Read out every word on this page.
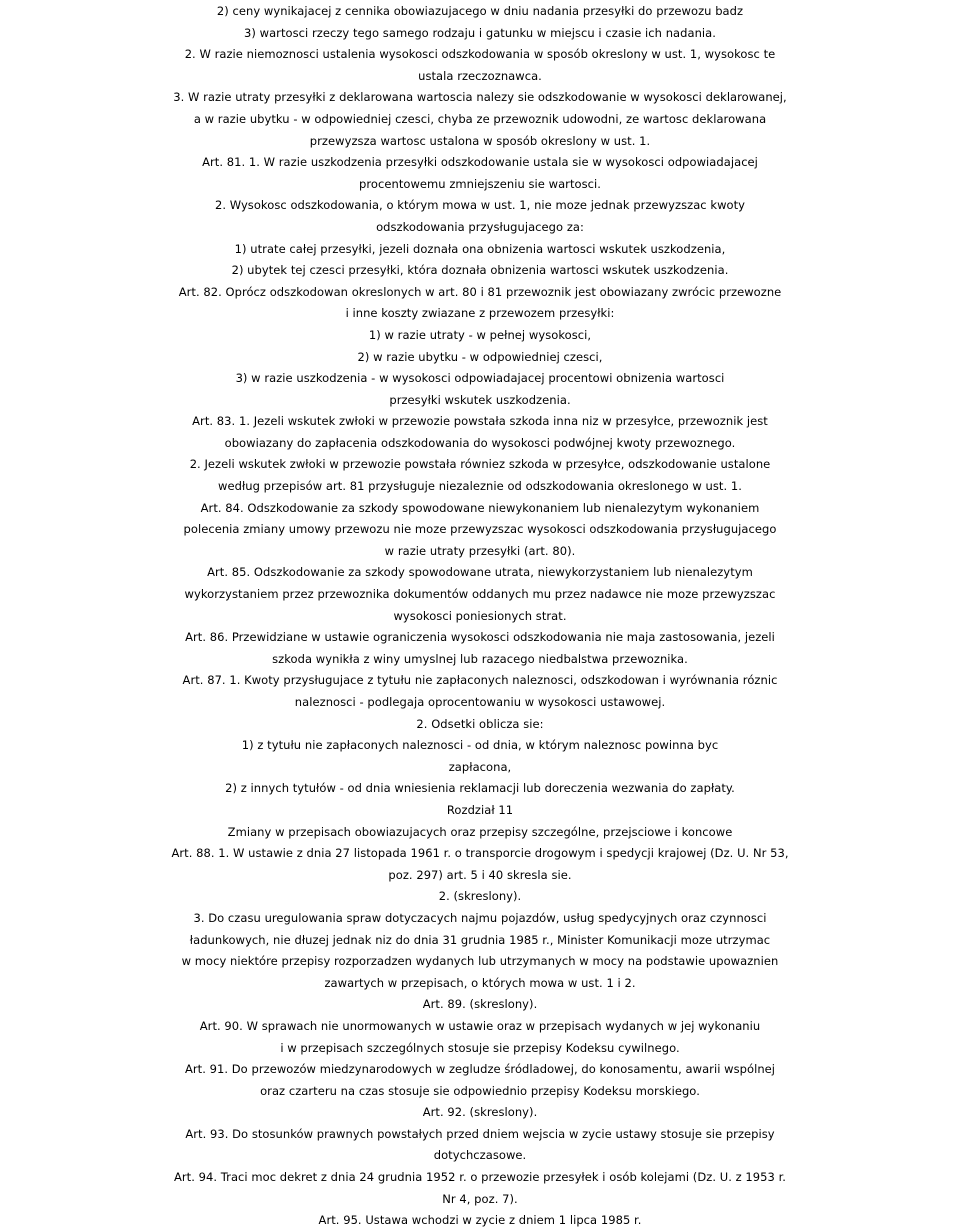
2) ceny wynikajacej z cennika obowiazujacego w dniu nadania przesyłki do przewozu badz
3) wartosci rzeczy tego samego rodzaju i gatunku w miejscu i czasie ich nadania.
2. W razie niemoznosci ustalenia wysokosci odszkodowania w sposób okreslony w ust. 1, wysokosc te
ustala rzeczoznawca.
3. W razie utraty przesyłki z deklarowana wartoscia nalezy sie odszkodowanie w wysokosci deklarowanej,
a w razie ubytku - w odpowiedniej czesci, chyba ze przewoznik udowodni, ze wartosc deklarowana
przewyzsza wartosc ustalona w sposób okreslony w ust. 1.
Art. 81. 1. W razie uszkodzenia przesyłki odszkodowanie ustala sie w wysokosci odpowiadajacej
procentowemu zmniejszeniu sie wartosci.
2. Wysokosc odszkodowania, o którym mowa w ust. 1, nie moze jednak przewyzszac kwoty
odszkodowania przysługujacego za:
1) utrate całej przesyłki, jezeli doznała ona obnizenia wartosci wskutek uszkodzenia,
2) ubytek tej czesci przesyłki, która doznała obnizenia wartosci wskutek uszkodzenia.
Art. 82. Oprócz odszkodowan okreslonych w art. 80 i 81 przewoznik jest obowiazany zwrócic przewozne
i inne koszty zwiazane z przewozem przesyłki:
1) w razie utraty - w pełnej wysokosci,
2) w razie ubytku - w odpowiedniej czesci,
3) w razie uszkodzenia - w wysokosci odpowiadajacej procentowi obnizenia wartosci
przesyłki wskutek uszkodzenia.
Art. 83. 1. Jezeli wskutek zwłoki w przewozie powstała szkoda inna niz w przesyłce, przewoznik jest
obowiazany do zapłacenia odszkodowania do wysokosci podwójnej kwoty przewoznego.
2. Jezeli wskutek zwłoki w przewozie powstała równiez szkoda w przesyłce, odszkodowanie ustalone
według przepisów art. 81 przysługuje niezaleznie od odszkodowania okreslonego w ust. 1.
Art. 84. Odszkodowanie za szkody spowodowane niewykonaniem lub nienalezytym wykonaniem
polecenia zmiany umowy przewozu nie moze przewyzszac wysokosci odszkodowania przysługujacego
w razie utraty przesyłki (art. 80).
Art. 85. Odszkodowanie za szkody spowodowane utrata, niewykorzystaniem lub nienalezytym
wykorzystaniem przez przewoznika dokumentów oddanych mu przez nadawce nie moze przewyzszac
wysokosci poniesionych strat.
Art. 86. Przewidziane w ustawie ograniczenia wysokosci odszkodowania nie maja zastosowania, jezeli
szkoda wynikła z winy umyslnej lub razacego niedbalstwa przewoznika.
Art. 87. 1. Kwoty przysługujace z tytułu nie zapłaconych naleznosci, odszkodowan i wyrównania róznic
naleznosci - podlegaja oprocentowaniu w wysokosci ustawowej.
2. Odsetki oblicza sie:
1) z tytułu nie zapłaconych naleznosci - od dnia, w którym naleznosc powinna byc
zapłacona,
2) z innych tytułów - od dnia wniesienia reklamacji lub doreczenia wezwania do zapłaty.
Rozdział 11
Zmiany w przepisach obowiazujacych oraz przepisy szczególne, przejsciowe i koncowe
Art. 88. 1. W ustawie z dnia 27 listopada 1961 r. o transporcie drogowym i spedycji krajowej (Dz. U. Nr 53,
poz. 297) art. 5 i 40 skresla sie.
2. (skreslony).
3. Do czasu uregulowania spraw dotyczacych najmu pojazdów, usług spedycyjnych oraz czynnosci
ładunkowych, nie dłuzej jednak niz do dnia 31 grudnia 1985 r., Minister Komunikacji moze utrzymac
w mocy niektóre przepisy rozporzadzen wydanych lub utrzymanych w mocy na podstawie upowaznien
zawartych w przepisach, o których mowa w ust. 1 i 2.
Art. 89. (skreslony).
Art. 90. W sprawach nie unormowanych w ustawie oraz w przepisach wydanych w jej wykonaniu
i w przepisach szczególnych stosuje sie przepisy Kodeksu cywilnego.
Art. 91. Do przewozów miedzynarodowych w zegludze śródladowej, do konosamentu, awarii wspólnej
oraz czarteru na czas stosuje sie odpowiednio przepisy Kodeksu morskiego.
Art. 92. (skreslony).
Art. 93. Do stosunków prawnych powstałych przed dniem wejscia w zycie ustawy stosuje sie przepisy
dotychczasowe.
Art. 94. Traci moc dekret z dnia 24 grudnia 1952 r. o przewozie przesyłek i osób kolejami (Dz. U. z 1953 r.
Nr 4, poz. 7).
Art. 95. Ustawa wchodzi w zycie z dniem 1 lipca 1985 r.
